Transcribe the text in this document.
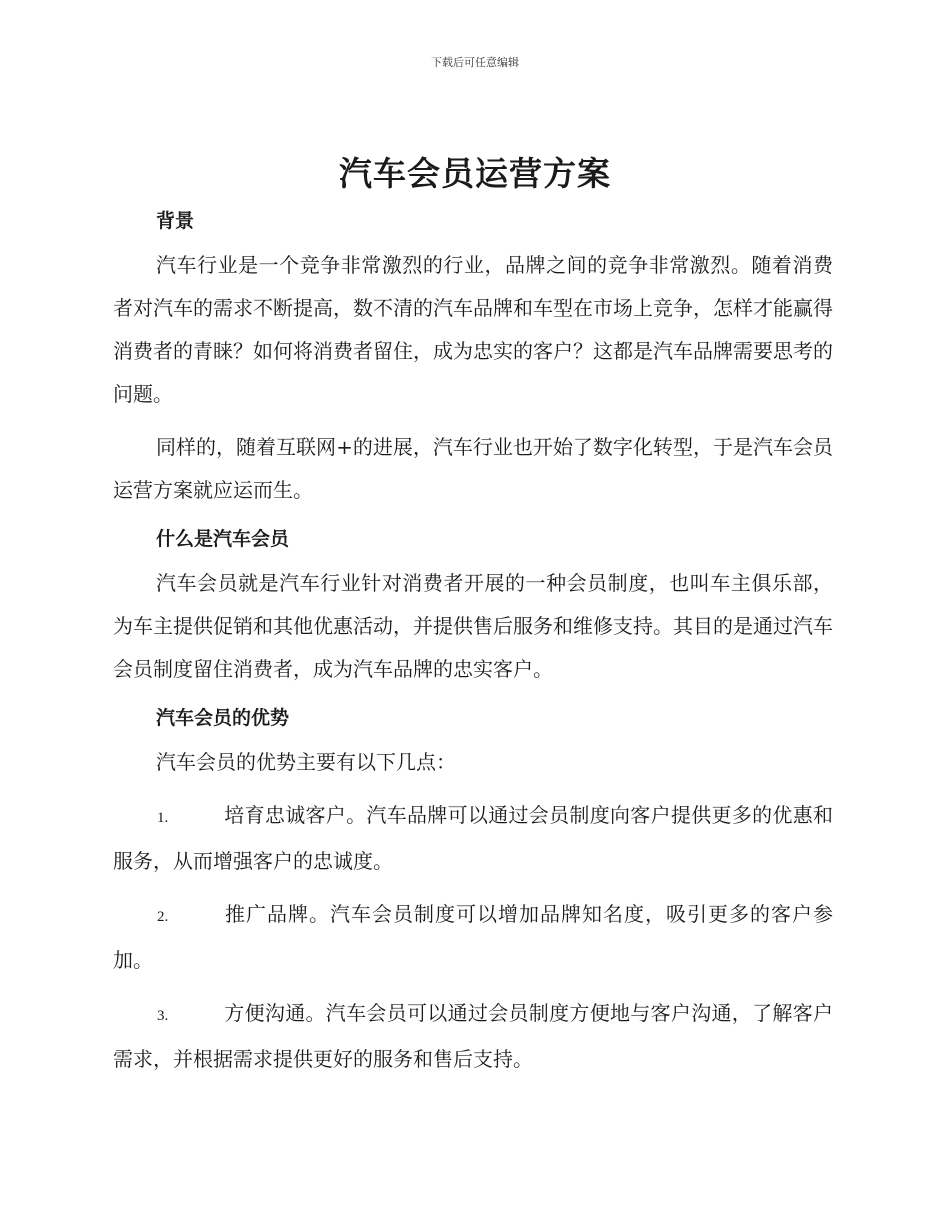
下载后可任意编辑
汽车会员运营方案
背景

汽车行业是一个竞争非常激烈的行业，品牌之间的竞争非常激烈。随着消费者对汽车的需求不断提高，数不清的汽车品牌和车型在市场上竞争，怎样才能赢得消费者的青睐？如何将消费者留住，成为忠实的客户？这都是汽车品牌需要思考的问题。

同样的，随着互联网+的进展，汽车行业也开始了数字化转型，于是汽车会员运营方案就应运而生。

什么是汽车会员

汽车会员就是汽车行业针对消费者开展的一种会员制度，也叫车主俱乐部，为车主提供促销和其他优惠活动，并提供售后服务和维修支持。其目的是通过汽车会员制度留住消费者，成为汽车品牌的忠实客户。

汽车会员的优势

汽车会员的优势主要有以下几点：

1.	培育忠诚客户。汽车品牌可以通过会员制度向客户提供更多的优惠和服务，从而增强客户的忠诚度。

2.	推广品牌。汽车会员制度可以增加品牌知名度，吸引更多的客户参加。

3.	方便沟通。汽车会员可以通过会员制度方便地与客户沟通，了解客户需求，并根据需求提供更好的服务和售后支持。
